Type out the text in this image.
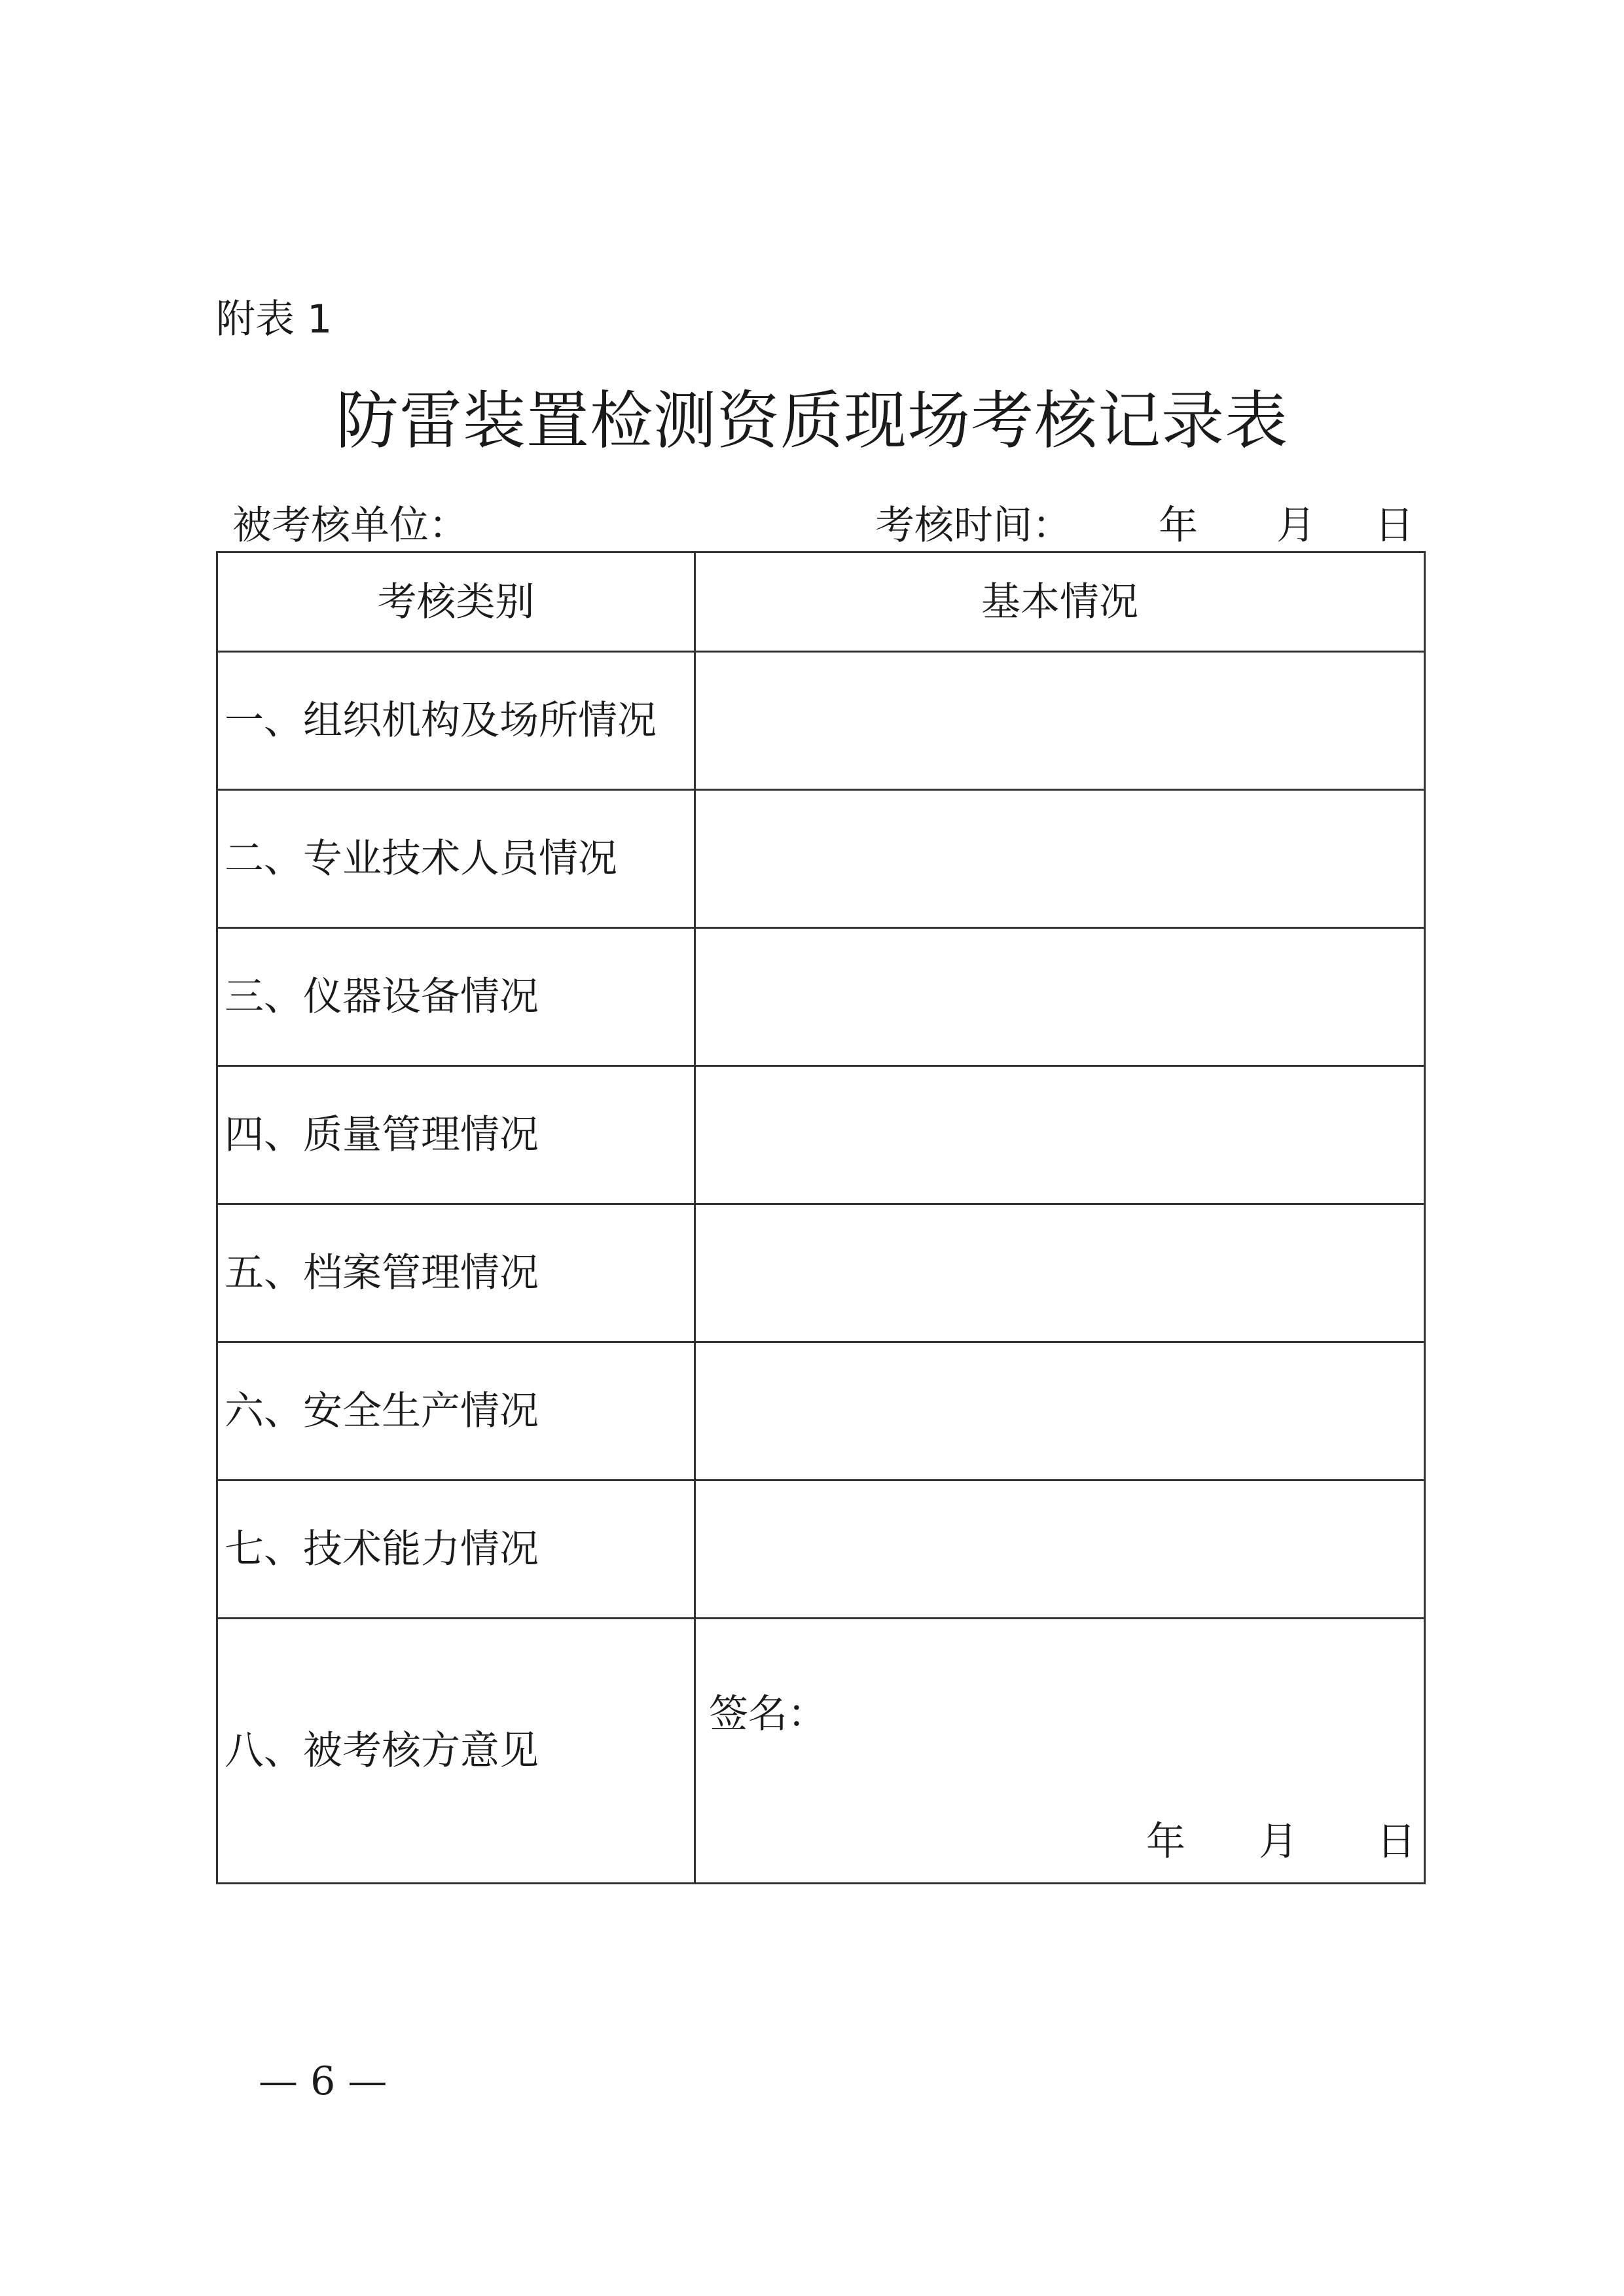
附表 1
防雷装置检测资质现场考核记录表
被考核单位：	考核时间： 年 月 日
考核类别	基本情况
一、组织机构及场所情况	
二、专业技术人员情况	
三、仪器设备情况	
四、质量管理情况	
五、档案管理情况	
六、安全生产情况	
七、技术能力情况	
八、被考核方意见	签名：
年 月 日
— 6 —
